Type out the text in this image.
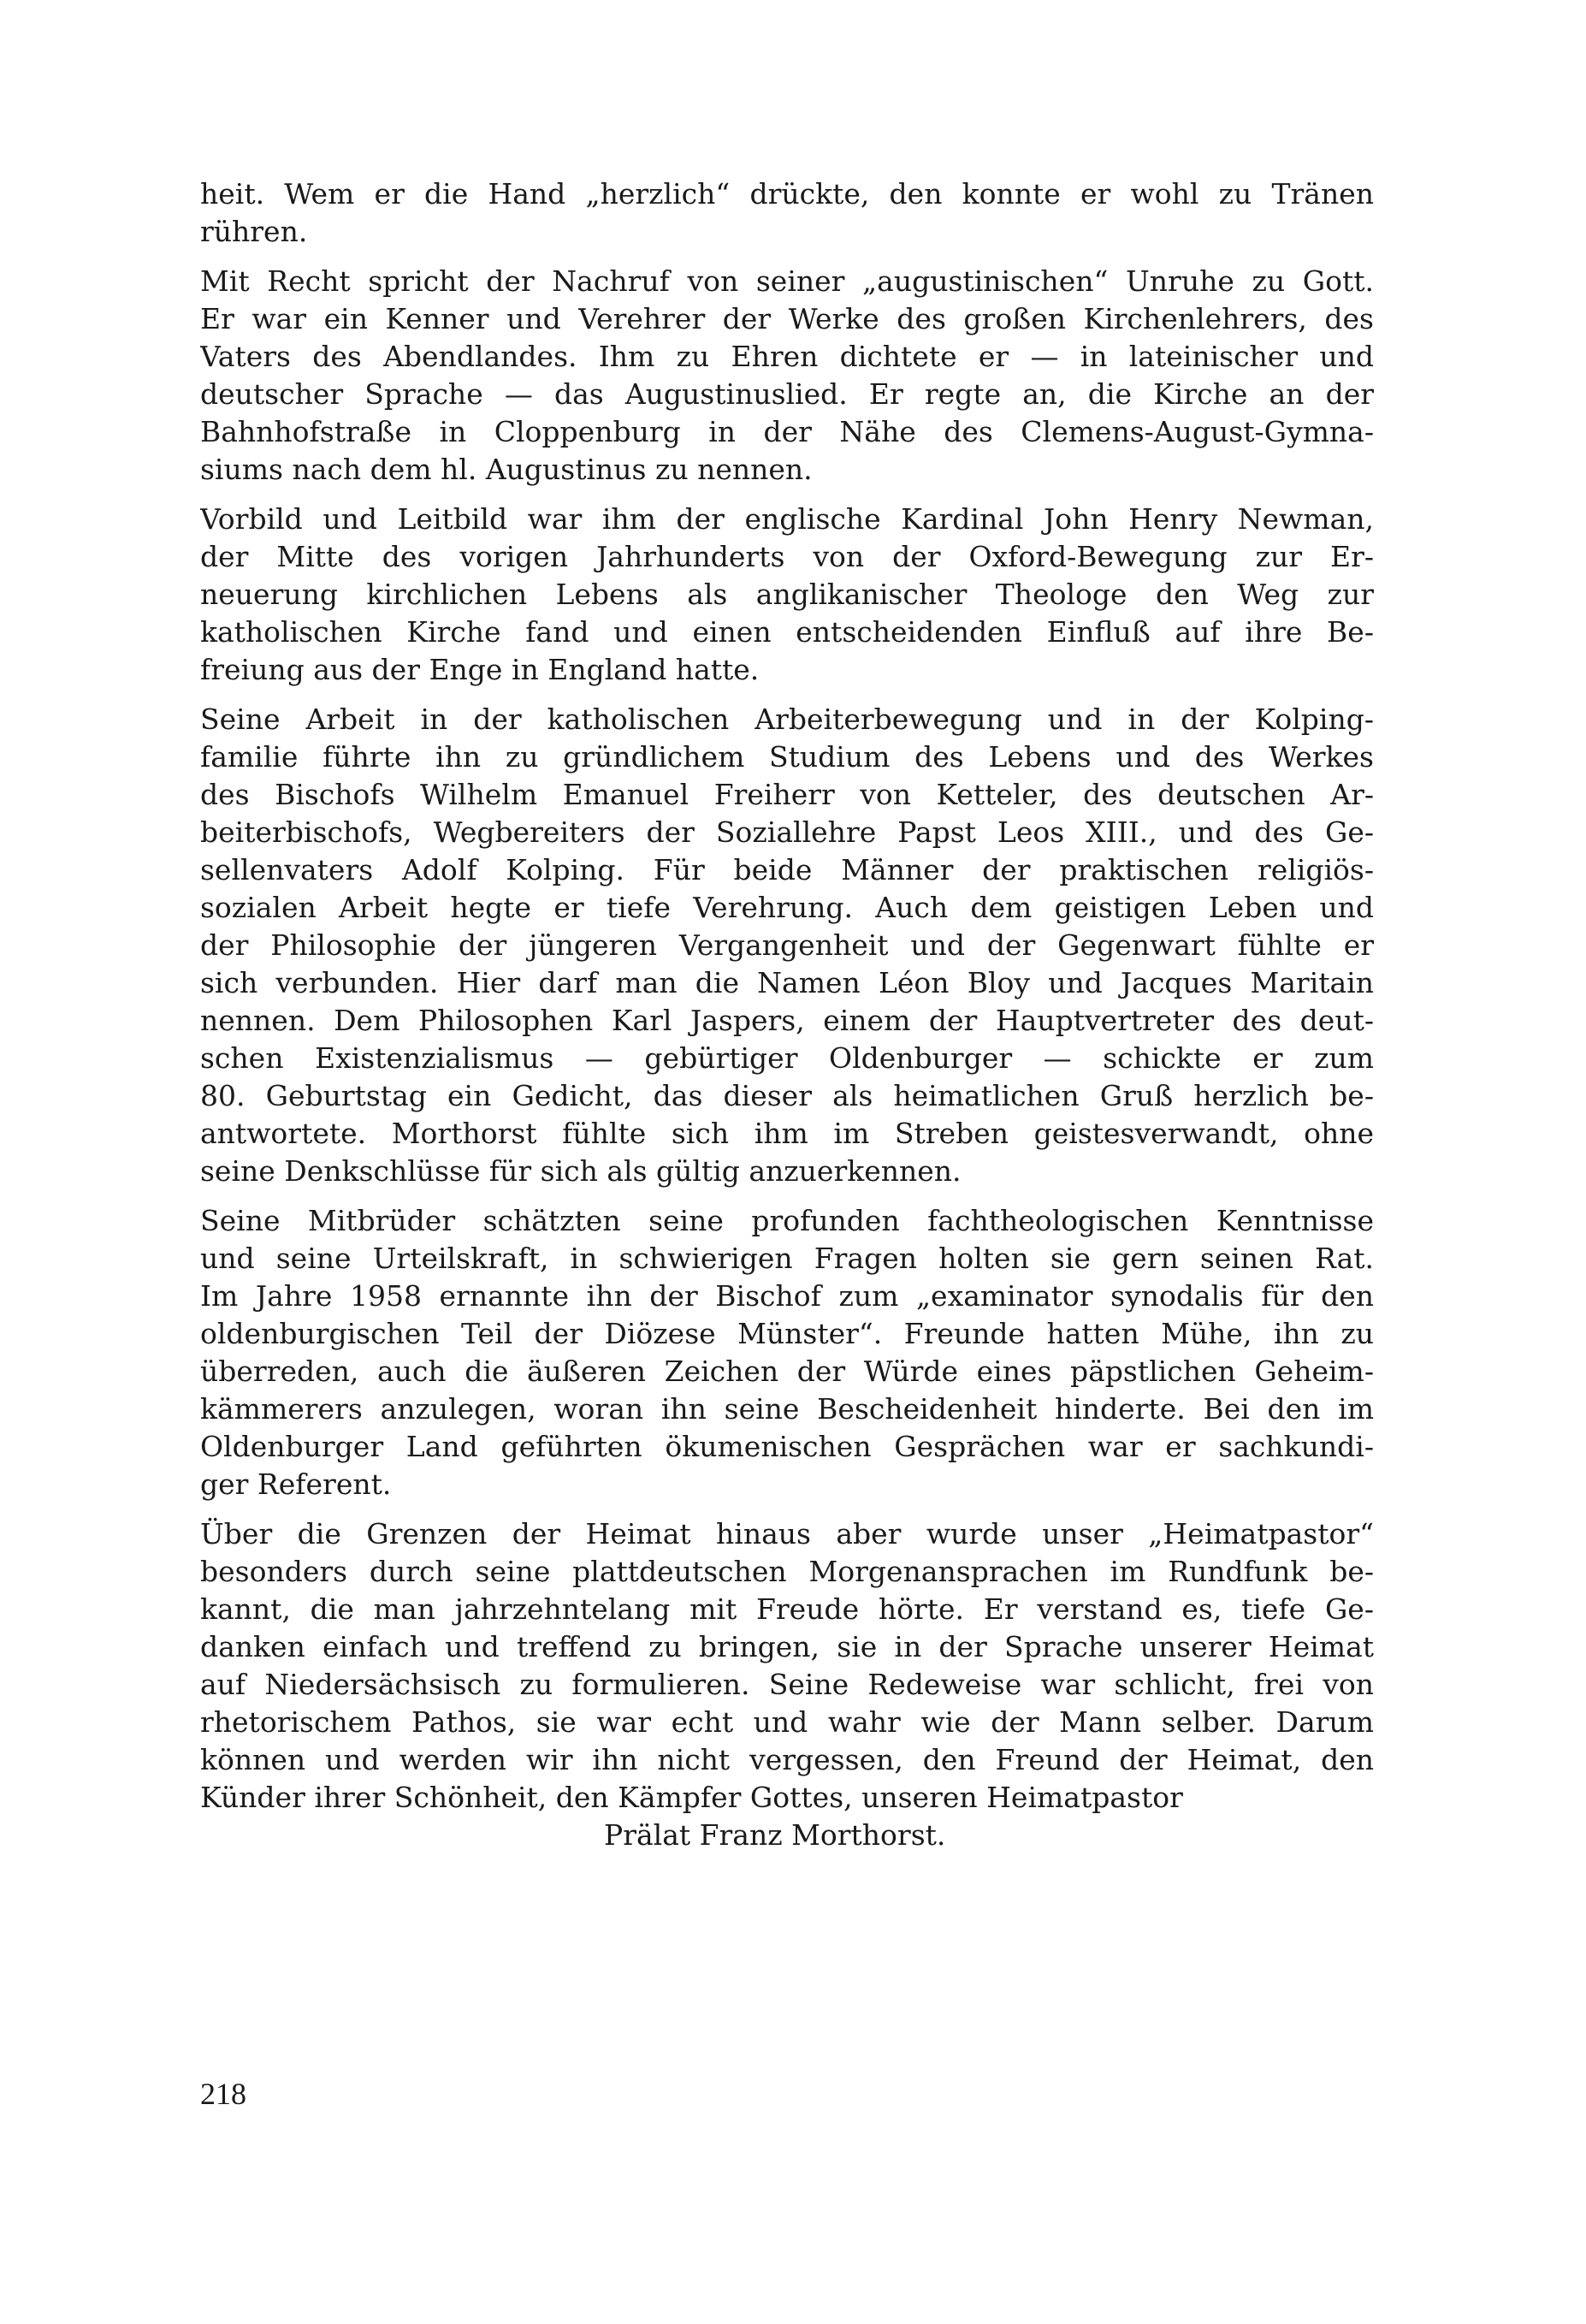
heit. Wem er die Hand „herzlich“ drückte, den konnte er wohl zu Tränen
rühren.
Mit Recht spricht der Nachruf von seiner „augustinischen“ Unruhe zu Gott.
Er war ein Kenner und Verehrer der Werke des großen Kirchenlehrers, des
Vaters des Abendlandes. Ihm zu Ehren dichtete er — in lateinischer und
deutscher Sprache — das Augustinuslied. Er regte an, die Kirche an der
Bahnhofstraße in Cloppenburg in der Nähe des Clemens-August-Gymna-
siums nach dem hl. Augustinus zu nennen.
Vorbild und Leitbild war ihm der englische Kardinal John Henry Newman,
der Mitte des vorigen Jahrhunderts von der Oxford-Bewegung zur Er-
neuerung kirchlichen Lebens als anglikanischer Theologe den Weg zur
katholischen Kirche fand und einen entscheidenden Einfluß auf ihre Be-
freiung aus der Enge in England hatte.
Seine Arbeit in der katholischen Arbeiterbewegung und in der Kolping-
familie führte ihn zu gründlichem Studium des Lebens und des Werkes
des Bischofs Wilhelm Emanuel Freiherr von Ketteler, des deutschen Ar-
beiterbischofs, Wegbereiters der Soziallehre Papst Leos XIII., und des Ge-
sellenvaters Adolf Kolping. Für beide Männer der praktischen religiös-
sozialen Arbeit hegte er tiefe Verehrung. Auch dem geistigen Leben und
der Philosophie der jüngeren Vergangenheit und der Gegenwart fühlte er
sich verbunden. Hier darf man die Namen Léon Bloy und Jacques Maritain
nennen. Dem Philosophen Karl Jaspers, einem der Hauptvertreter des deut-
schen Existenzialismus — gebürtiger Oldenburger — schickte er zum
80. Geburtstag ein Gedicht, das dieser als heimatlichen Gruß herzlich be-
antwortete. Morthorst fühlte sich ihm im Streben geistesverwandt, ohne
seine Denkschlüsse für sich als gültig anzuerkennen.
Seine Mitbrüder schätzten seine profunden fachtheologischen Kenntnisse
und seine Urteilskraft, in schwierigen Fragen holten sie gern seinen Rat.
Im Jahre 1958 ernannte ihn der Bischof zum „examinator synodalis für den
oldenburgischen Teil der Diözese Münster“. Freunde hatten Mühe, ihn zu
überreden, auch die äußeren Zeichen der Würde eines päpstlichen Geheim-
kämmerers anzulegen, woran ihn seine Bescheidenheit hinderte. Bei den im
Oldenburger Land geführten ökumenischen Gesprächen war er sachkundi-
ger Referent.
Über die Grenzen der Heimat hinaus aber wurde unser „Heimatpastor“
besonders durch seine plattdeutschen Morgenansprachen im Rundfunk be-
kannt, die man jahrzehntelang mit Freude hörte. Er verstand es, tiefe Ge-
danken einfach und treffend zu bringen, sie in der Sprache unserer Heimat
auf Niedersächsisch zu formulieren. Seine Redeweise war schlicht, frei von
rhetorischem Pathos, sie war echt und wahr wie der Mann selber. Darum
können und werden wir ihn nicht vergessen, den Freund der Heimat, den
Künder ihrer Schönheit, den Kämpfer Gottes, unseren Heimatpastor
Prälat Franz Morthorst.
218
